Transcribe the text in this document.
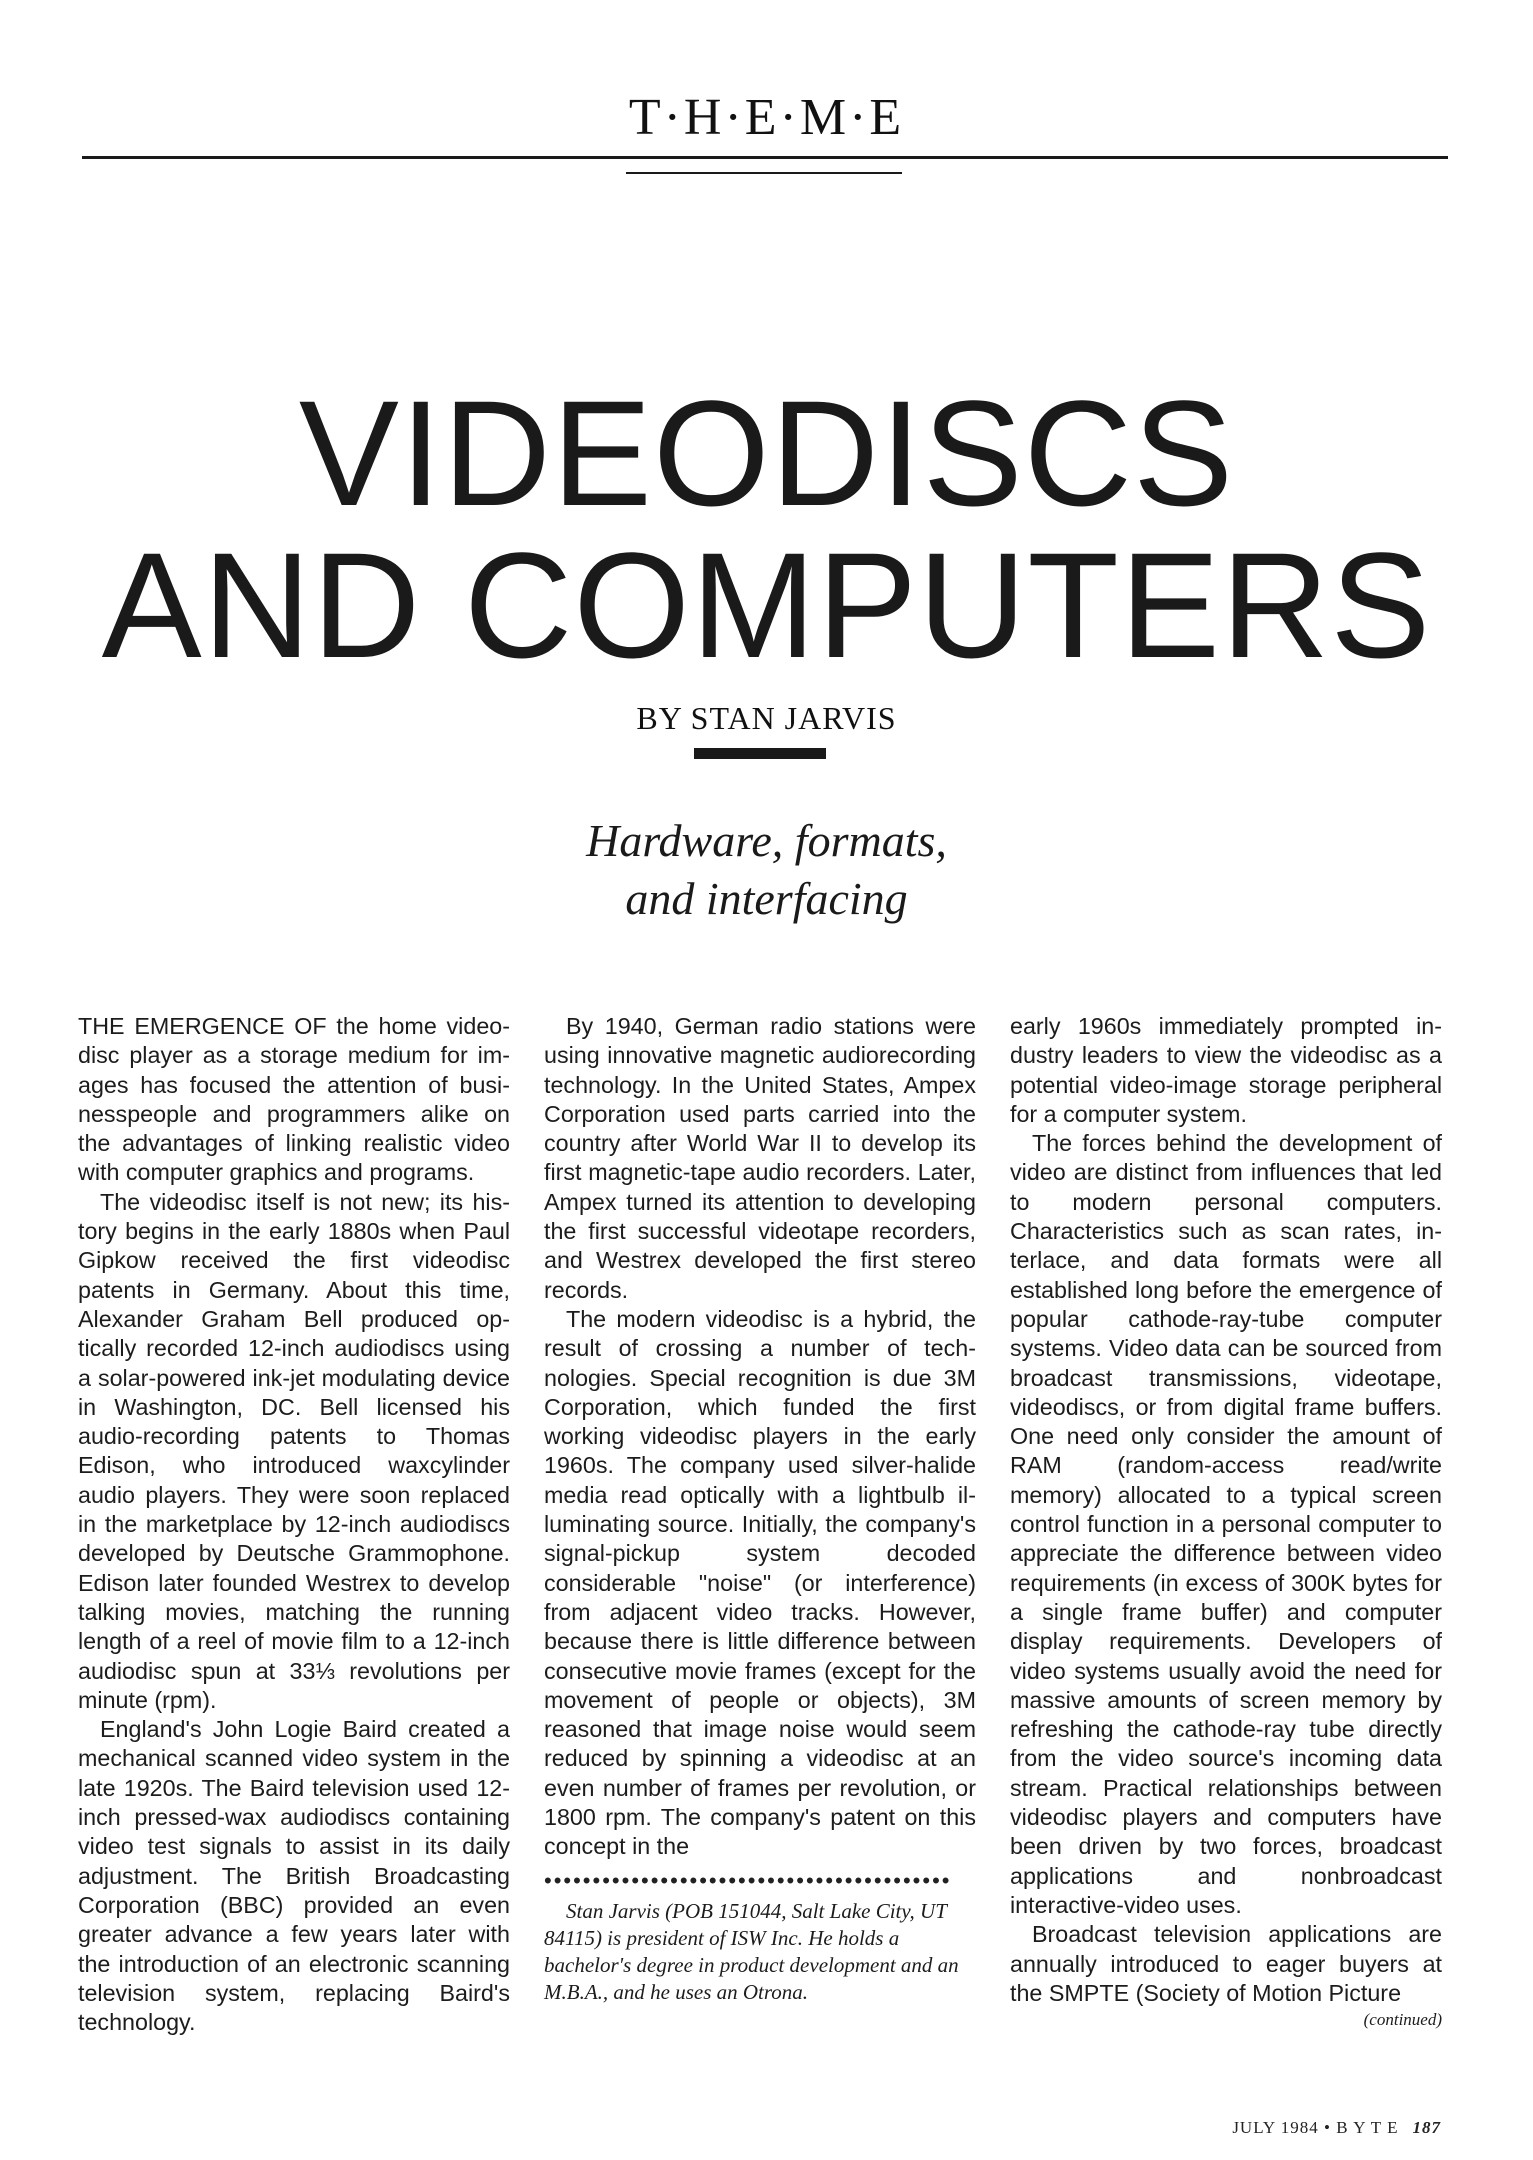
T·H·E·M·E
VIDEODISCS
AND COMPUTERS
BY STAN JARVIS
Hardware, formats,
and interfacing

THE EMERGENCE OF the home videodisc player as a storage medium for images has focused the attention of businesspeople and programmers alike on the advantages of linking realistic video with computer graphics and programs.

The videodisc itself is not new; its history begins in the early 1880s when Paul Gipkow received the first videodisc patents in Germany. About this time, Alexander Graham Bell produced optically recorded 12-inch audiodiscs using a solar-powered ink-jet modulating device in Washington, DC. Bell licensed his audio-recording patents to Thomas Edison, who introduced waxcylinder audio players. They were soon replaced in the marketplace by 12-inch audiodiscs developed by Deutsche Grammophone. Edison later founded Westrex to develop talking movies, matching the running length of a reel of movie film to a 12-inch audiodisc spun at 33⅓ revolutions per minute (rpm).

England's John Logie Baird created a mechanical scanned video system in the late 1920s. The Baird television used 12-inch pressed-wax audiodiscs containing video test signals to assist in its daily adjustment. The British Broadcasting Corporation (BBC) provided an even greater advance a few years later with the introduction of an electronic scanning television system, replacing Baird's technology.

By 1940, German radio stations were using innovative magnetic audiorecording technology. In the United States, Ampex Corporation used parts carried into the country after World War II to develop its first magnetic-tape audio recorders. Later, Ampex turned its attention to developing the first successful videotape recorders, and Westrex developed the first stereo records.

The modern videodisc is a hybrid, the result of crossing a number of technologies. Special recognition is due 3M Corporation, which funded the first working videodisc players in the early 1960s. The company used silver-halide media read optically with a lightbulb illuminating source. Initially, the company's signal-pickup system decoded considerable "noise" (or interference) from adjacent video tracks. However, because there is little difference between consecutive movie frames (except for the movement of people or objects), 3M reasoned that image noise would seem reduced by spinning a videodisc at an even number of frames per revolution, or 1800 rpm. The company's patent on this concept in the

••••••••••••••••••••••••••••••••••••••••••

Stan Jarvis (POB 151044, Salt Lake City, UT 84115) is president of ISW Inc. He holds a bachelor's degree in product development and an M.B.A., and he uses an Otrona.

early 1960s immediately prompted industry leaders to view the videodisc as a potential video-image storage peripheral for a computer system.

The forces behind the development of video are distinct from influences that led to modern personal computers. Characteristics such as scan rates, interlace, and data formats were all established long before the emergence of popular cathode-ray-tube computer systems. Video data can be sourced from broadcast transmissions, videotape, videodiscs, or from digital frame buffers. One need only consider the amount of RAM (random-access read/write memory) allocated to a typical screen control function in a personal computer to appreciate the difference between video requirements (in excess of 300K bytes for a single frame buffer) and computer display requirements. Developers of video systems usually avoid the need for massive amounts of screen memory by refreshing the cathode-ray tube directly from the video source's incoming data stream. Practical relationships between videodisc players and computers have been driven by two forces, broadcast applications and nonbroadcast interactive-video uses.

Broadcast television applications are annually introduced to eager buyers at the SMPTE (Society of Motion Picture

(continued)
JULY 1984 • B Y T E 187
